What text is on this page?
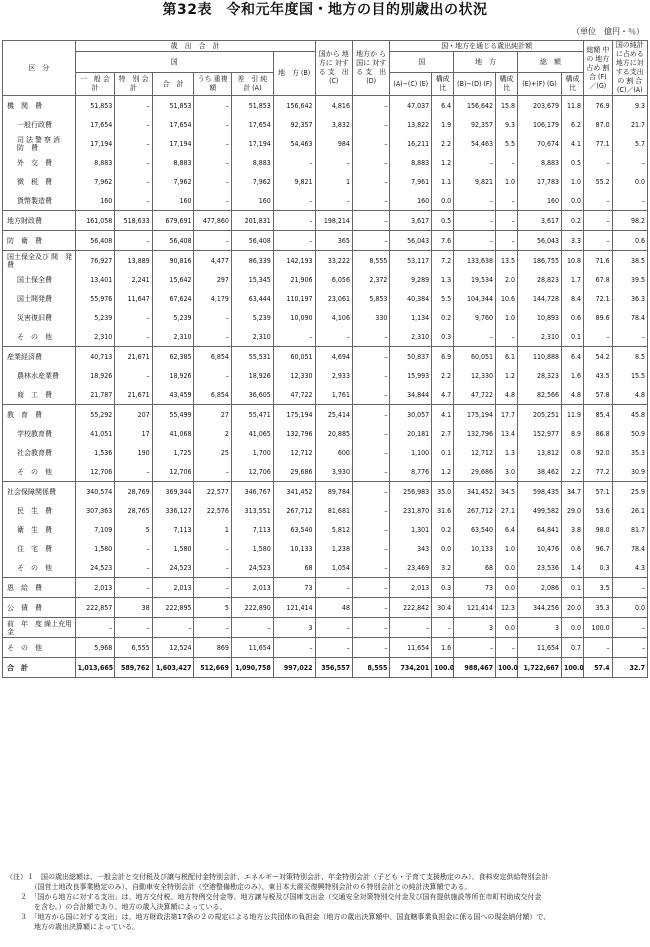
第32表　令和元年度国・地方の目的別歳出の状況
（単位　億円・％）
区　分	歳　出　合　計						国から 地方に 対する 支　出 (C)	地方か ら国に 対する 支　出 (D)	国・地方を通じる歳出純計額						総額 中の 地方 占め 割合 (F)／(G)	国の純計 に占める 地方に対 する支出 の 割 合 (C)／(A)
	国					地　方 (B)			国		地　方		総　額			
	一　般 会　計	特　別 会　計	合　計	うち 重複額	差　引 純　計 (A)				(A)−(C) (E)	構成 比	(B)−(D) (F)	構成 比	(E)+(F) (G)	構成 比		
機　関　費	51,853	–	51,853	–	51,853	156,642	4,816	–	47,037	6.4	156,642	15.8	203,679	11.8	76.9	9.3
一般行政費	17,654	–	17,654	–	17,654	92,357	3,832	–	13,822	1.9	92,357	9.3	106,179	6.2	87.0	21.7
司 法 警 察 消　防　費	17,194	–	17,194	–	17,194	54,463	984	–	16,211	2.2	54,463	5.5	70,674	4.1	77.1	5.7
外　交　費	8,883	–	8,883	–	8,883	–	–	–	8,883	1.2	–	–	8,883	0.5	–	–
徴　税　費	7,962	–	7,962	–	7,962	9,821	1	–	7,961	1.1	9,821	1.0	17,783	1.0	55.2	0.0
貨幣製造費	160	–	160	–	160	–	–	–	160	0.0	–	–	160	0.0	–	–
地方財政費	161,058	518,633	679,691	477,860	201,831	–	198,214	–	3,617	0.5	–	–	3,617	0.2	–	98.2
防　衛　費	56,408	–	56,408	–	56,408	–	365	–	56,043	7.6	–	–	56,043	3.3	–	0.6
国土保全及び 開　発　費	76,927	13,889	90,816	4,477	86,339	142,193	33,222	8,555	53,117	7.2	133,638	13.5	186,755	10.8	71.6	38.5
国土保全費	13,401	2,241	15,642	297	15,345	21,906	6,056	2,372	9,289	1.3	19,534	2.0	28,823	1.7	67.8	39.5
国土開発費	55,976	11,647	67,624	4,179	63,444	110,197	23,061	5,853	40,384	5.5	104,344	10.6	144,728	8.4	72.1	36.3
災害復旧費	5,239	–	5,239	–	5,239	10,090	4,106	330	1,134	0.2	9,760	1.0	10,893	0.6	89.6	78.4
そ　の　他	2,310	–	2,310	–	2,310	–	–	–	2,310	0.3	–	–	2,310	0.1	–	–
産業経済費	40,713	21,671	62,385	6,854	55,531	60,051	4,694	–	50,837	6.9	60,051	6.1	110,888	6.4	54.2	8.5
農林水産業費	18,926	–	18,926	–	18,926	12,330	2,933	–	15,993	2.2	12,330	1.2	28,323	1.6	43.5	15.5
商　工　費	21,787	21,671	43,459	6,854	36,605	47,722	1,761	–	34,844	4.7	47,722	4.8	82,566	4.8	57.8	4.8
教　育　費	55,292	207	55,499	27	55,471	175,194	25,414	–	30,057	4.1	175,194	17.7	205,251	11.9	85.4	45.8
学校教育費	41,051	17	41,068	2	41,065	132,796	20,885	–	20,181	2.7	132,796	13.4	152,977	8.9	86.8	50.9
社会教育費	1,536	190	1,725	25	1,700	12,712	600	–	1,100	0.1	12,712	1.3	13,812	0.8	92.0	35.3
そ　の　他	12,706	–	12,706	–	12,706	29,686	3,930	–	8,776	1.2	29,686	3.0	38,462	2.2	77.2	30.9
社会保障関係費	340,574	28,769	369,344	22,577	346,767	341,452	89,784	–	256,983	35.0	341,452	34.5	598,435	34.7	57.1	25.9
民　生　費	307,363	28,765	336,127	22,576	313,551	267,712	81,681	–	231,870	31.6	267,712	27.1	499,582	29.0	53.6	26.1
衛　生　費	7,109	5	7,113	1	7,113	63,540	5,812	–	1,301	0.2	63,540	6.4	64,841	3.8	98.0	81.7
住　宅　費	1,580	–	1,580	–	1,580	10,133	1,238	–	343	0.0	10,133	1.0	10,476	0.6	96.7	78.4
そ　の　他	24,523	–	24,523	–	24,523	68	1,054	–	23,469	3.2	68	0.0	23,536	1.4	0.3	4.3
恩　給　費	2,013	–	2,013	–	2,013	73	–	–	2,013	0.3	73	0.0	2,086	0.1	3.5	–
公　債　費	222,857	38	222,895	5	222,890	121,414	48	–	222,842	30.4	121,414	12.3	344,256	20.0	35.3	0.0
前　年　度 繰上充用金	–	–	–	–	–	3	–	–	–	–	3	0.0	3	0.0	100.0	–
そ　の　他	5,968	6,555	12,524	869	11,654	–	–	–	11,654	1.6	–	–	11,654	0.7	–	–
合　計	1,013,665	589,762	1,603,427	512,669	1,090,758	997,022	356,557	8,555	734,201	100.0	988,467	100.0	1,722,667	100.0	57.4	32.7
（注）１　国の歳出総額は、一般会計と交付税及び譲与税配付金特別会計、エネルギー対策特別会計、年金特別会計（子ども・子育て支援勘定のみ）、食料安定供給特別会計
　　　　（国営土地改良事業勘定のみ）、自動車安全特別会計（空港整備勘定のみ）、東日本大震災復興特別会計の６特別会計との純計決算額である。
　　２　「国から地方に対する支出」は、地方交付税、地方特例交付金等、地方譲与税及び国庫支出金（交通安全対策特別交付金及び国有提供施設等所在市町村助成交付金
　　　　を含む。）の合計額であり、地方の歳入決算額によっている。
　　３　「地方から国に対する支出」は、地方財政法第17条の２の規定による地方公共団体の負担金（地方の歳出決算額中、国直轄事業負担金に係る国への現金納付額）で、
　　　　地方の歳出決算額によっている。
